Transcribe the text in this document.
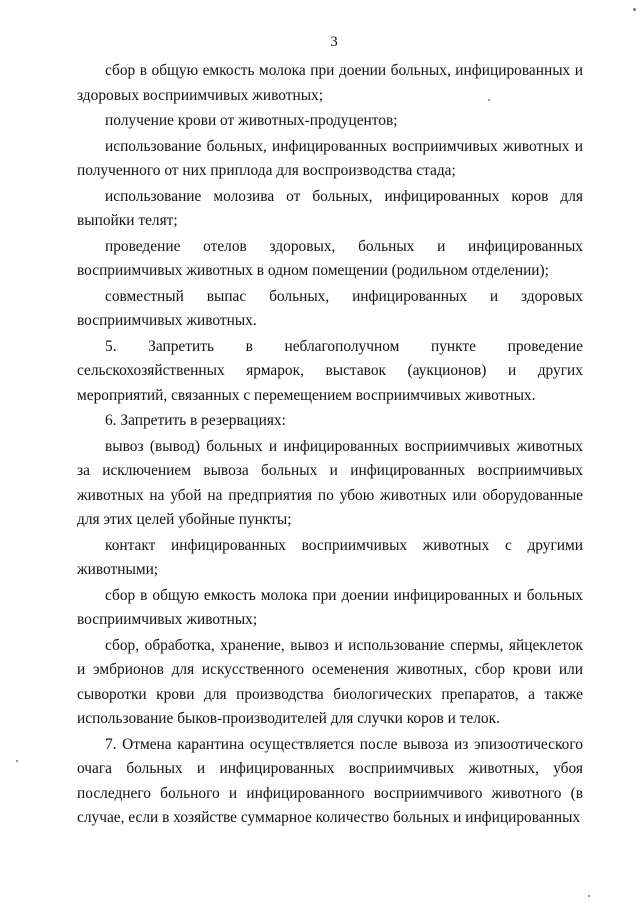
3

сбор в общую емкость молока при доении больных, инфицированных и здоровых восприимчивых животных;

получение крови от животных-продуцентов;

использование больных, инфицированных восприимчивых животных и полученного от них приплода для воспроизводства стада;

использование молозива от больных, инфицированных коров для выпойки телят;

проведение отелов здоровых, больных и инфицированных восприимчивых животных в одном помещении (родильном отделении);

совместный выпас больных, инфицированных и здоровых восприимчивых животных.

5. Запретить в неблагополучном пункте проведение сельскохозяйственных ярмарок, выставок (аукционов) и других мероприятий, связанных с перемещением восприимчивых животных.

6. Запретить в резервациях:

вывоз (вывод) больных и инфицированных восприимчивых животных за исключением вывоза больных и инфицированных восприимчивых животных на убой на предприятия по убою животных или оборудованные для этих целей убойные пункты;

контакт инфицированных восприимчивых животных с другими животными;

сбор в общую емкость молока при доении инфицированных и больных восприимчивых животных;

сбор, обработка, хранение, вывоз и использование спермы, яйцеклеток и эмбрионов для искусственного осеменения животных, сбор крови или сыворотки крови для производства биологических препаратов, а также использование быков-производителей для случки коров и телок.

7. Отмена карантина осуществляется после вывоза из эпизоотического очага больных и инфицированных восприимчивых животных, убоя последнего больного и инфицированного восприимчивого животного (в случае, если в хозяйстве суммарное количество больных и инфицированных
